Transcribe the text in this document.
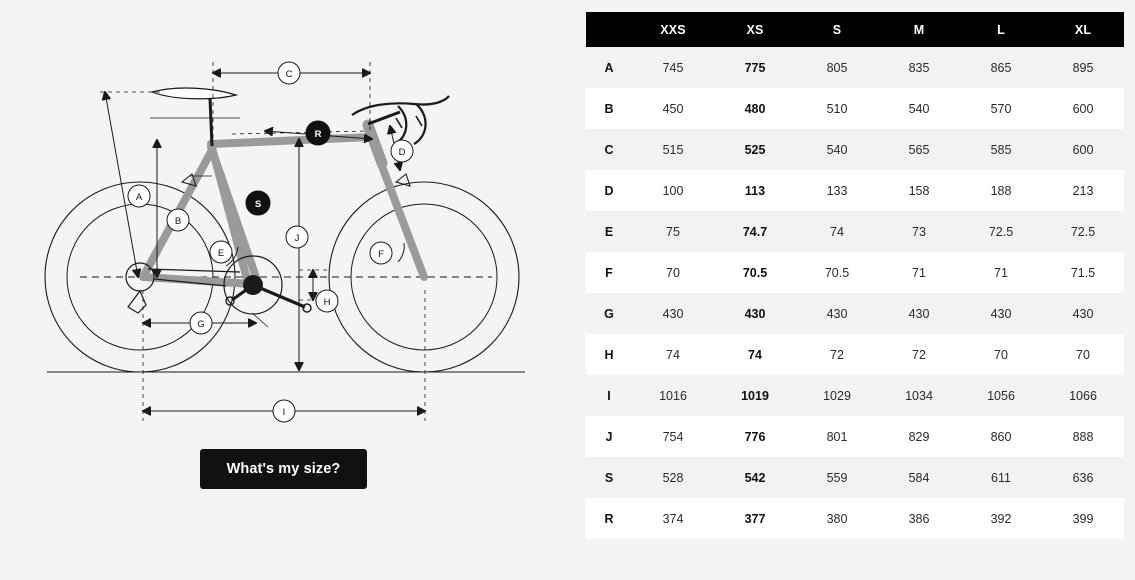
A
B
C
D
E	F
G
H
I
J
R
S
What's my size?
	XXS	XS	S	M	L	XL
A	745	775	805	835	865	895
B	450	480	510	540	570	600
C	515	525	540	565	585	600
D	100	113	133	158	188	213
E	75	74.7	74	73	72.5	72.5
F	70	70.5	70.5	71	71	71.5
G	430	430	430	430	430	430
H	74	74	72	72	70	70
I	1016	1019	1029	1034	1056	1066
J	754	776	801	829	860	888
S	528	542	559	584	611	636
R	374	377	380	386	392	399
